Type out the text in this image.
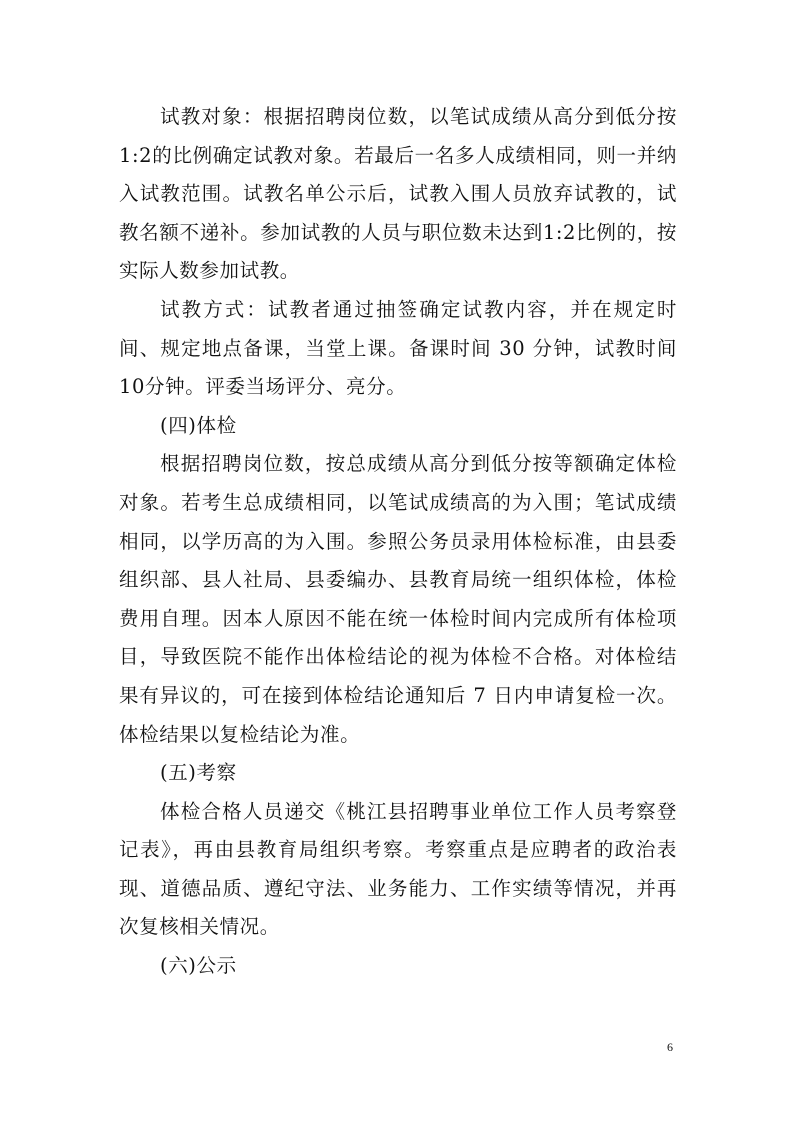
试教对象：根据招聘岗位数，以笔试成绩从高分到低分按1:2的比例确定试教对象。若最后一名多人成绩相同，则一并纳入试教范围。试教名单公示后，试教入围人员放弃试教的，试教名额不递补。参加试教的人员与职位数未达到1:2比例的，按实际人数参加试教。

试教方式：试教者通过抽签确定试教内容，并在规定时间、规定地点备课，当堂上课。备课时间 30 分钟，试教时间10分钟。评委当场评分、亮分。

(四)体检

根据招聘岗位数，按总成绩从高分到低分按等额确定体检对象。若考生总成绩相同，以笔试成绩高的为入围；笔试成绩相同，以学历高的为入围。参照公务员录用体检标准，由县委组织部、县人社局、县委编办、县教育局统一组织体检，体检费用自理。因本人原因不能在统一体检时间内完成所有体检项目，导致医院不能作出体检结论的视为体检不合格。对体检结果有异议的，可在接到体检结论通知后 7 日内申请复检一次。体检结果以复检结论为准。

(五)考察

体检合格人员递交《桃江县招聘事业单位工作人员考察登记表》，再由县教育局组织考察。考察重点是应聘者的政治表现、道德品质、遵纪守法、业务能力、工作实绩等情况，并再次复核相关情况。

(六)公示

6
